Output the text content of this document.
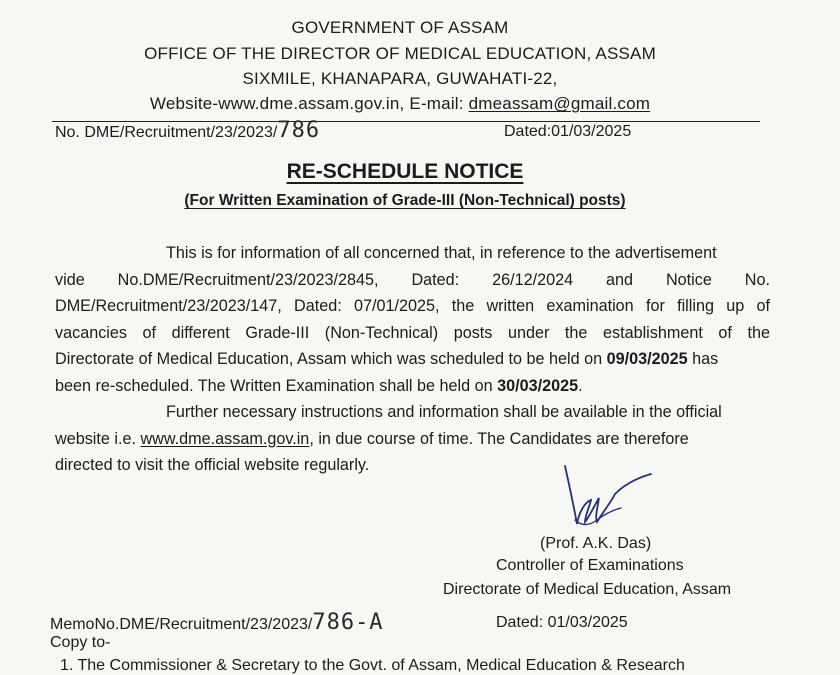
GOVERNMENT OF ASSAM
OFFICE OF THE DIRECTOR OF MEDICAL EDUCATION, ASSAM
SIXMILE, KHANAPARA, GUWAHATI-22,
Website-www.dme.assam.gov.in, E-mail: dmeassam@gmail.com
No. DME/Recruitment/23/2023/786	Dated:01/03/2025
RE-SCHEDULE NOTICE
(For Written Examination of Grade-III (Non-Technical) posts)
This is for information of all concerned that, in reference to the advertisement
vide No.DME/Recruitment/23/2023/2845, Dated: 26/12/2024 and Notice No.
DME/Recruitment/23/2023/147, Dated: 07/01/2025, the written examination for filling up of
vacancies of different Grade-III (Non-Technical) posts under the establishment of the
Directorate of Medical Education, Assam which was scheduled to be held on 09/03/2025 has
been re-scheduled. The Written Examination shall be held on 30/03/2025.
Further necessary instructions and information shall be available in the official
website i.e. www.dme.assam.gov.in, in due course of time. The Candidates are therefore
directed to visit the official website regularly.
(Prof. A.K. Das)
Controller of Examinations
Directorate of Medical Education, Assam
MemoNo.DME/Recruitment/23/2023/786-A	Dated: 01/03/2025
Copy to-
1. The Commissioner & Secretary to the Govt. of Assam, Medical Education & Research
